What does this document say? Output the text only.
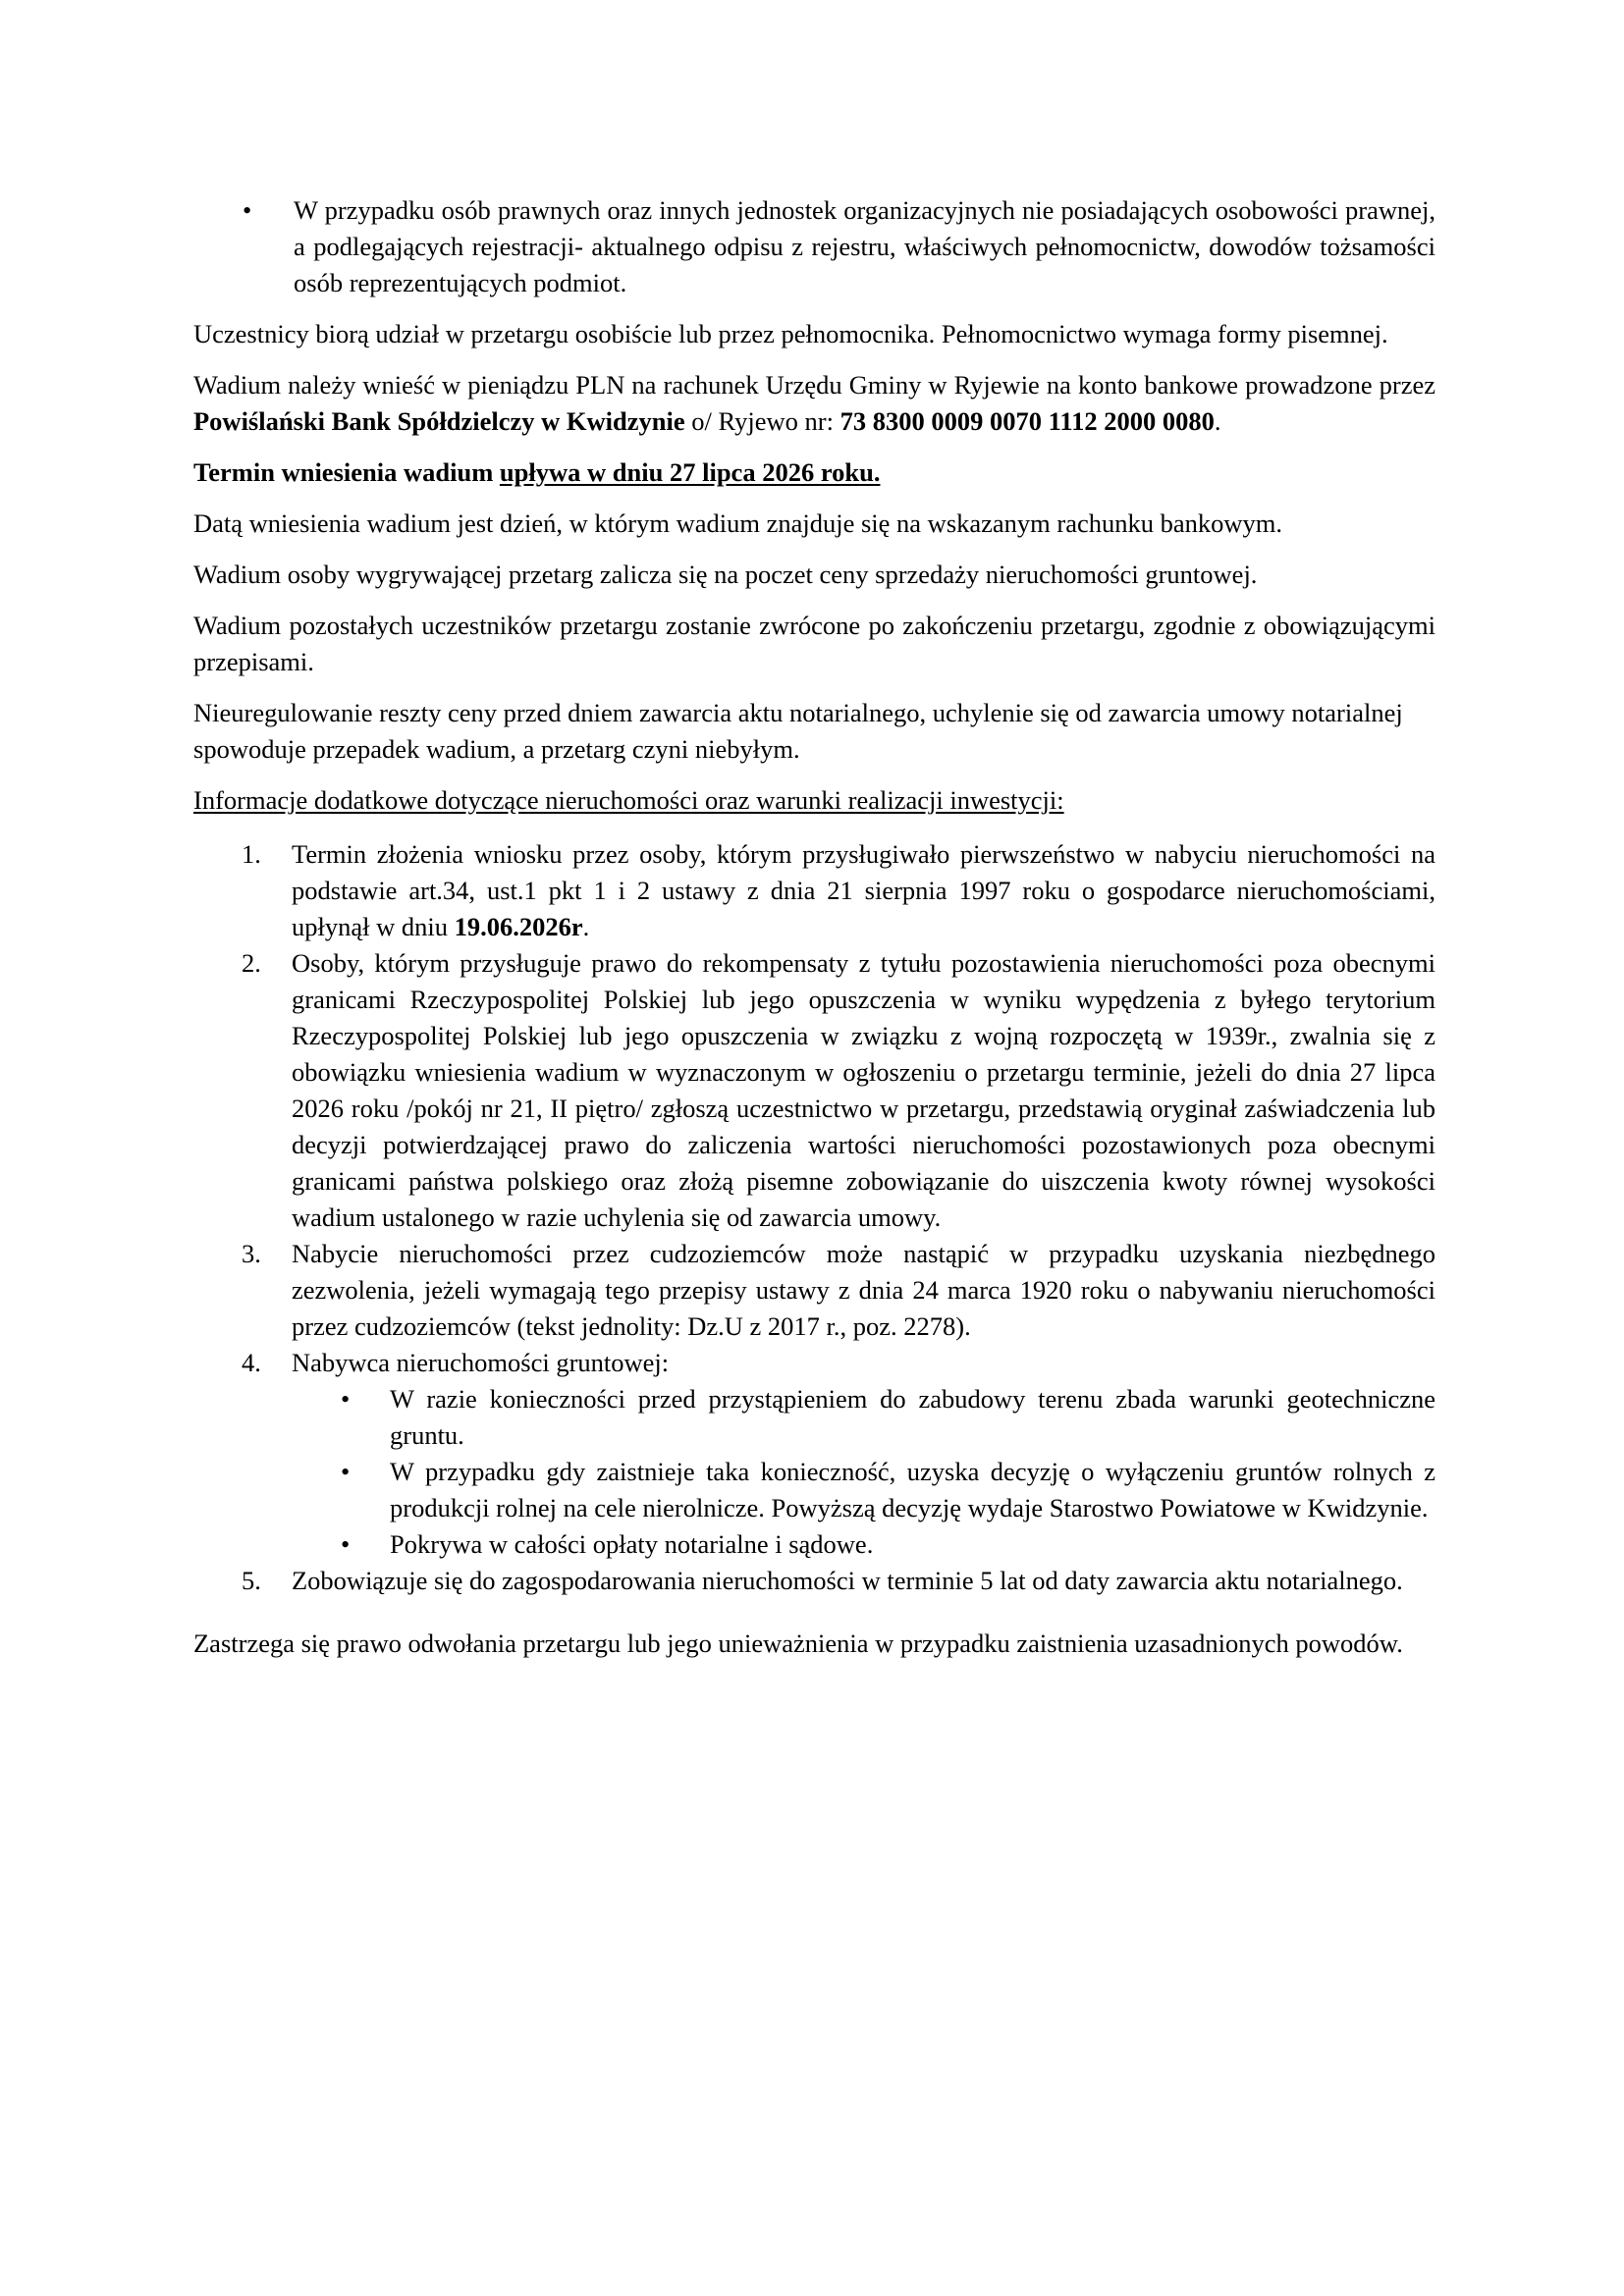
•	W przypadku osób prawnych oraz innych jednostek organizacyjnych nie posiadających osobowości prawnej, a podlegających rejestracji- aktualnego odpisu z rejestru, właściwych pełnomocnictw, dowodów tożsamości osób reprezentujących podmiot.

Uczestnicy biorą udział w przetargu osobiście lub przez pełnomocnika. Pełnomocnictwo wymaga formy pisemnej.

Wadium należy wnieść w pieniądzu PLN na rachunek Urzędu Gminy w Ryjewie na konto bankowe prowadzone przez Powiślański Bank Spółdzielczy w Kwidzynie o/ Ryjewo nr: 73 8300 0009 0070 1112 2000 0080.

Termin wniesienia wadium upływa w dniu 27 lipca 2026 roku.

Datą wniesienia wadium jest dzień, w którym wadium znajduje się na wskazanym rachunku bankowym.

Wadium osoby wygrywającej przetarg zalicza się na poczet ceny sprzedaży nieruchomości gruntowej.

Wadium pozostałych uczestników przetargu zostanie zwrócone po zakończeniu przetargu, zgodnie z obowiązującymi przepisami.

Nieuregulowanie reszty ceny przed dniem zawarcia aktu notarialnego, uchylenie się od zawarcia umowy notarialnej spowoduje przepadek wadium, a przetarg czyni niebyłym.

Informacje dodatkowe dotyczące nieruchomości oraz warunki realizacji inwestycji:

1. Termin złożenia wniosku przez osoby, którym przysługiwało pierwszeństwo w nabyciu nieruchomości na podstawie art.34, ust.1 pkt 1 i 2 ustawy z dnia 21 sierpnia 1997 roku o gospodarce nieruchomościami, upłynął w dniu 19.06.2026r.
2. Osoby, którym przysługuje prawo do rekompensaty z tytułu pozostawienia nieruchomości poza obecnymi granicami Rzeczypospolitej Polskiej lub jego opuszczenia w wyniku wypędzenia z byłego terytorium Rzeczypospolitej Polskiej lub jego opuszczenia w związku z wojną rozpoczętą w 1939r., zwalnia się z obowiązku wniesienia wadium w wyznaczonym w ogłoszeniu o przetargu terminie, jeżeli do dnia 27 lipca 2026 roku /pokój nr 21, II piętro/ zgłoszą uczestnictwo w przetargu, przedstawią oryginał zaświadczenia lub decyzji potwierdzającej prawo do zaliczenia wartości nieruchomości pozostawionych poza obecnymi granicami państwa polskiego oraz złożą pisemne zobowiązanie do uiszczenia kwoty równej wysokości wadium ustalonego w razie uchylenia się od zawarcia umowy.
3. Nabycie nieruchomości przez cudzoziemców może nastąpić w przypadku uzyskania niezbędnego zezwolenia, jeżeli wymagają tego przepisy ustawy z dnia 24 marca 1920 roku o nabywaniu nieruchomości przez cudzoziemców (tekst jednolity: Dz.U z 2017 r., poz. 2278).
4. Nabywca nieruchomości gruntowej:
• W razie konieczności przed przystąpieniem do zabudowy terenu zbada warunki geotechniczne gruntu.
• W przypadku gdy zaistnieje taka konieczność, uzyska decyzję o wyłączeniu gruntów rolnych z produkcji rolnej na cele nierolnicze. Powyższą decyzję wydaje Starostwo Powiatowe w Kwidzynie.
• Pokrywa w całości opłaty notarialne i sądowe.
5. Zobowiązuje się do zagospodarowania nieruchomości w terminie 5 lat od daty zawarcia aktu notarialnego.

Zastrzega się prawo odwołania przetargu lub jego unieważnienia w przypadku zaistnienia uzasadnionych powodów.
